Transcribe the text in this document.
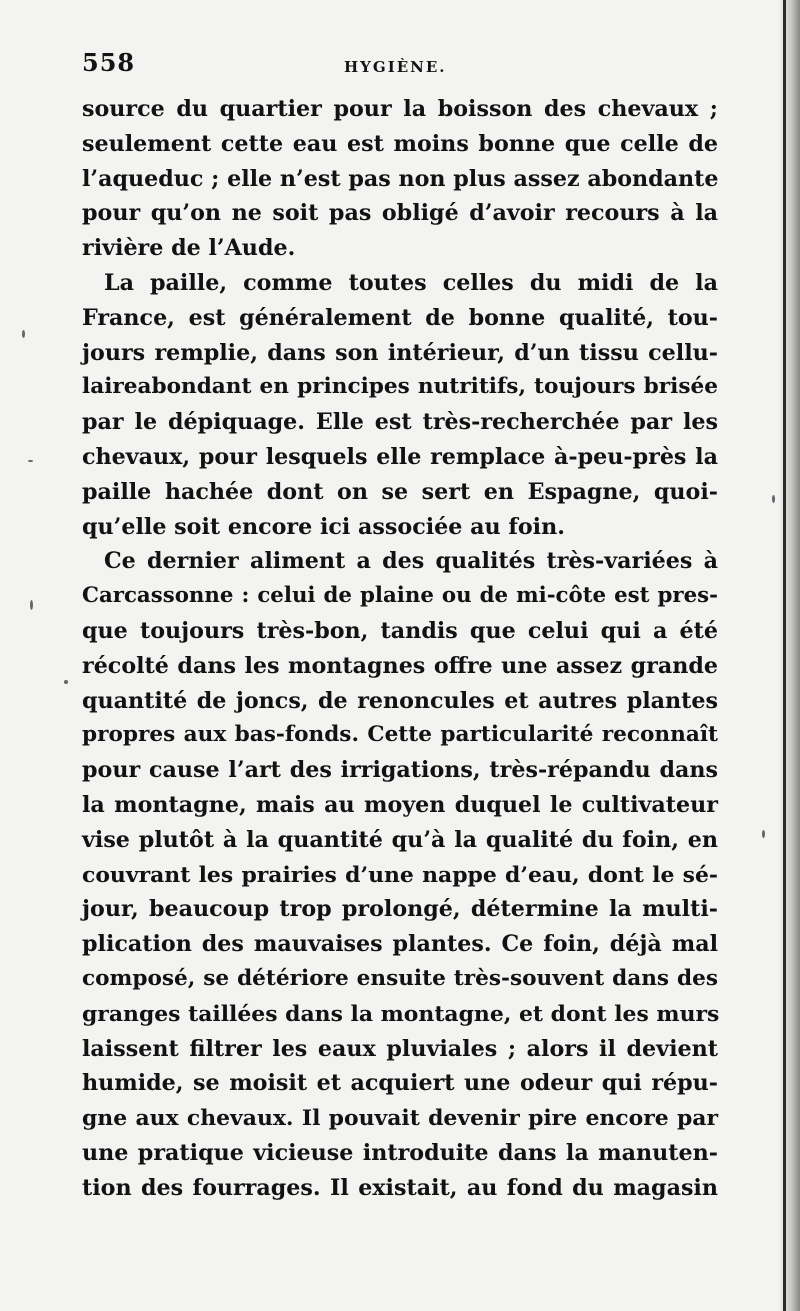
558	HYGIÈNE.
source du quartier pour la boisson des chevaux ;
seulement cette eau est moins bonne que celle de
l’aqueduc ; elle n’est pas non plus assez abondante
pour qu’on ne soit pas obligé d’avoir recours à la
rivière de l’Aude.
La paille, comme toutes celles du midi de la
France, est généralement de bonne qualité, tou-
jours remplie, dans son intérieur, d’un tissu cellu-
laireabondant en principes nutritifs, toujours brisée
par le dépiquage. Elle est très-recherchée par les
chevaux, pour lesquels elle remplace à-peu-près la
paille hachée dont on se sert en Espagne, quoi-
qu’elle soit encore ici associée au foin.
Ce dernier aliment a des qualités très-variées à
Carcassonne : celui de plaine ou de mi-côte est pres-
que toujours très-bon, tandis que celui qui a été
récolté dans les montagnes offre une assez grande
quantité de joncs, de renoncules et autres plantes
propres aux bas-fonds. Cette particularité reconnaît
pour cause l’art des irrigations, très-répandu dans
la montagne, mais au moyen duquel le cultivateur
vise plutôt à la quantité qu’à la qualité du foin, en
couvrant les prairies d’une nappe d’eau, dont le sé-
jour, beaucoup trop prolongé, détermine la multi-
plication des mauvaises plantes. Ce foin, déjà mal
composé, se détériore ensuite très-souvent dans des
granges taillées dans la montagne, et dont les murs
laissent filtrer les eaux pluviales ; alors il devient
humide, se moisit et acquiert une odeur qui répu-
gne aux chevaux. Il pouvait devenir pire encore par
une pratique vicieuse introduite dans la manuten-
tion des fourrages. Il existait, au fond du magasin
